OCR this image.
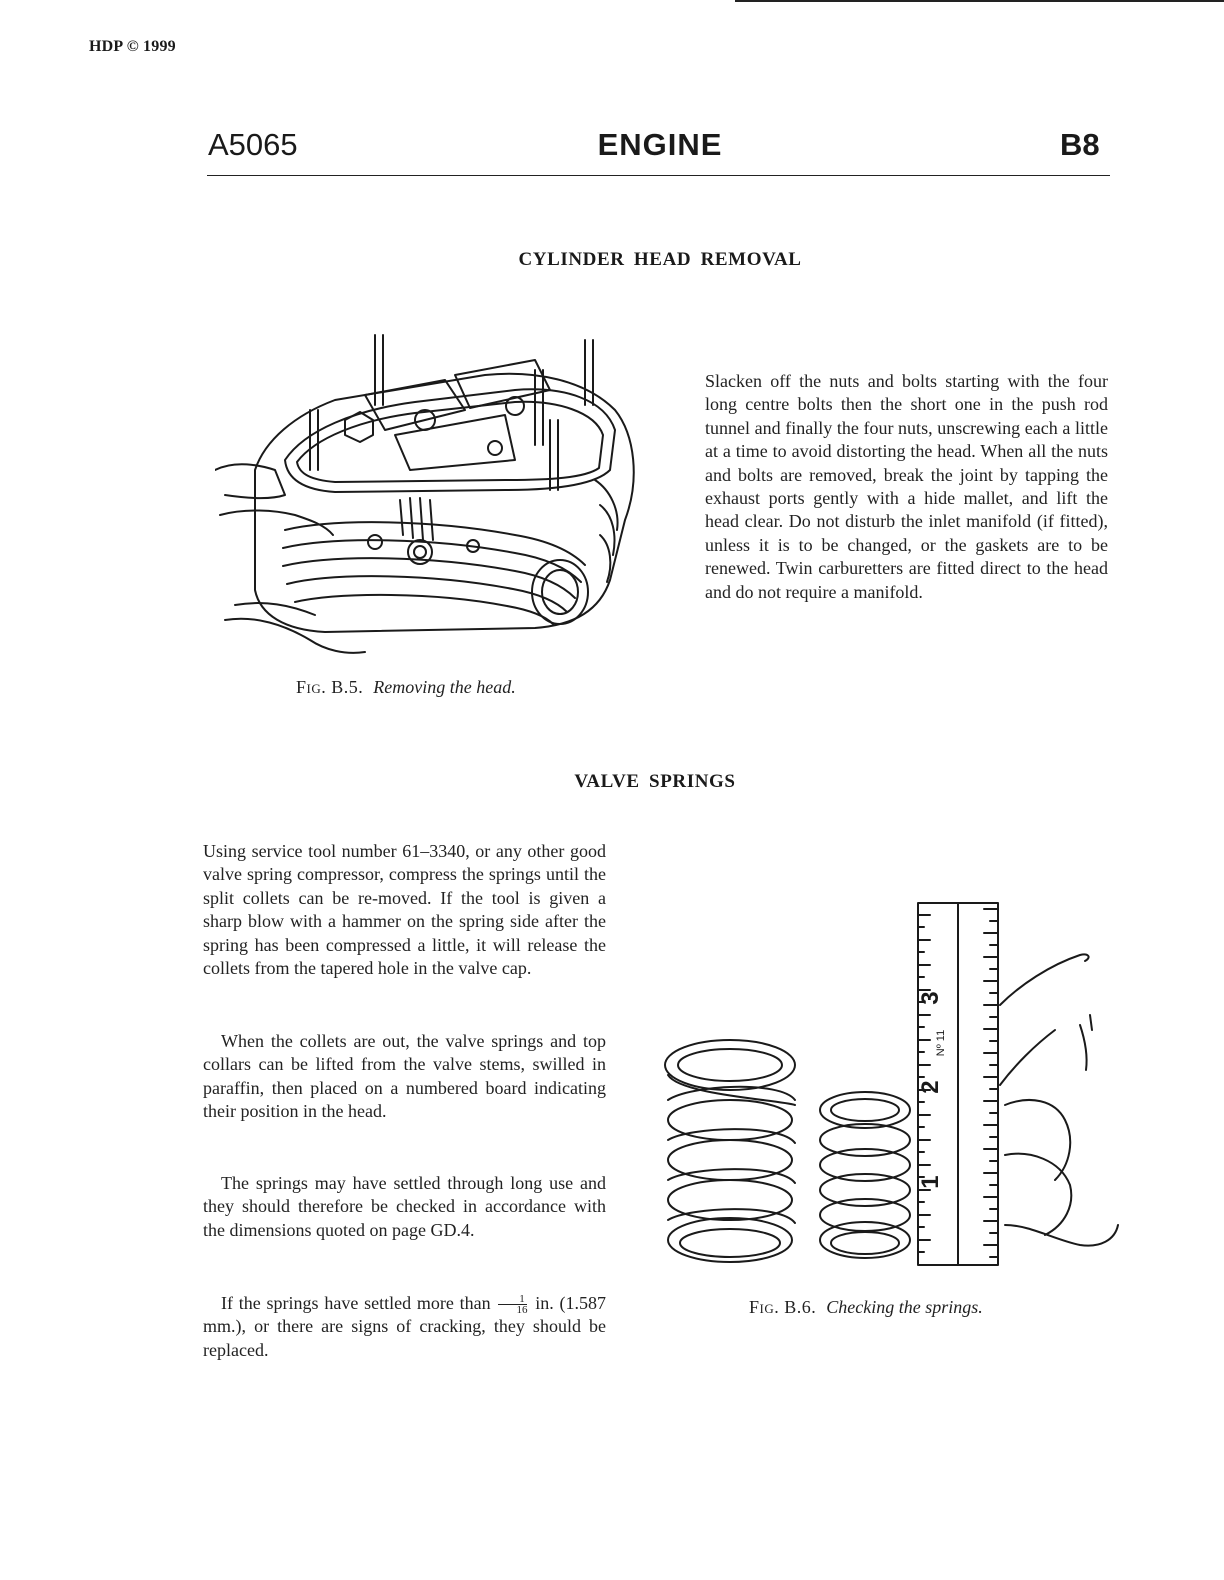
HDP © 1999
A5065	ENGINE	B8
CYLINDER HEAD REMOVAL

Slacken off the nuts and bolts starting with the four long centre bolts then the short one in the push rod tunnel and finally the four nuts, unscrewing each a little at a time to avoid distorting the head. When all the nuts and bolts are removed, break the joint by tapping the exhaust ports gently with a hide mallet, and lift the head clear. Do not disturb the inlet manifold (if fitted), unless it is to be changed, or the gaskets are to be renewed. Twin carburetters are fitted direct to the head and do not require a manifold.

Fig. B.5. Removing the head.
VALVE SPRINGS

Using service tool number 61–3340, or any other good valve spring compressor, compress the springs until the split collets can be re-moved. If the tool is given a sharp blow with a hammer on the spring side after the spring has been compressed a little, it will release the collets from the tapered hole in the valve cap.

When the collets are out, the valve springs and top collars can be lifted from the valve stems, swilled in paraffin, then placed on a numbered board indicating their position in the head.

The springs may have settled through long use and they should therefore be checked in accordance with the dimensions quoted on page GD.4.

If the springs have settled more than $\frac{1}{16}$ in. (1.587 mm.), or there are signs of cracking, they should be replaced.

3
2
1
Nº 11
Fig. B.6. Checking the springs.
